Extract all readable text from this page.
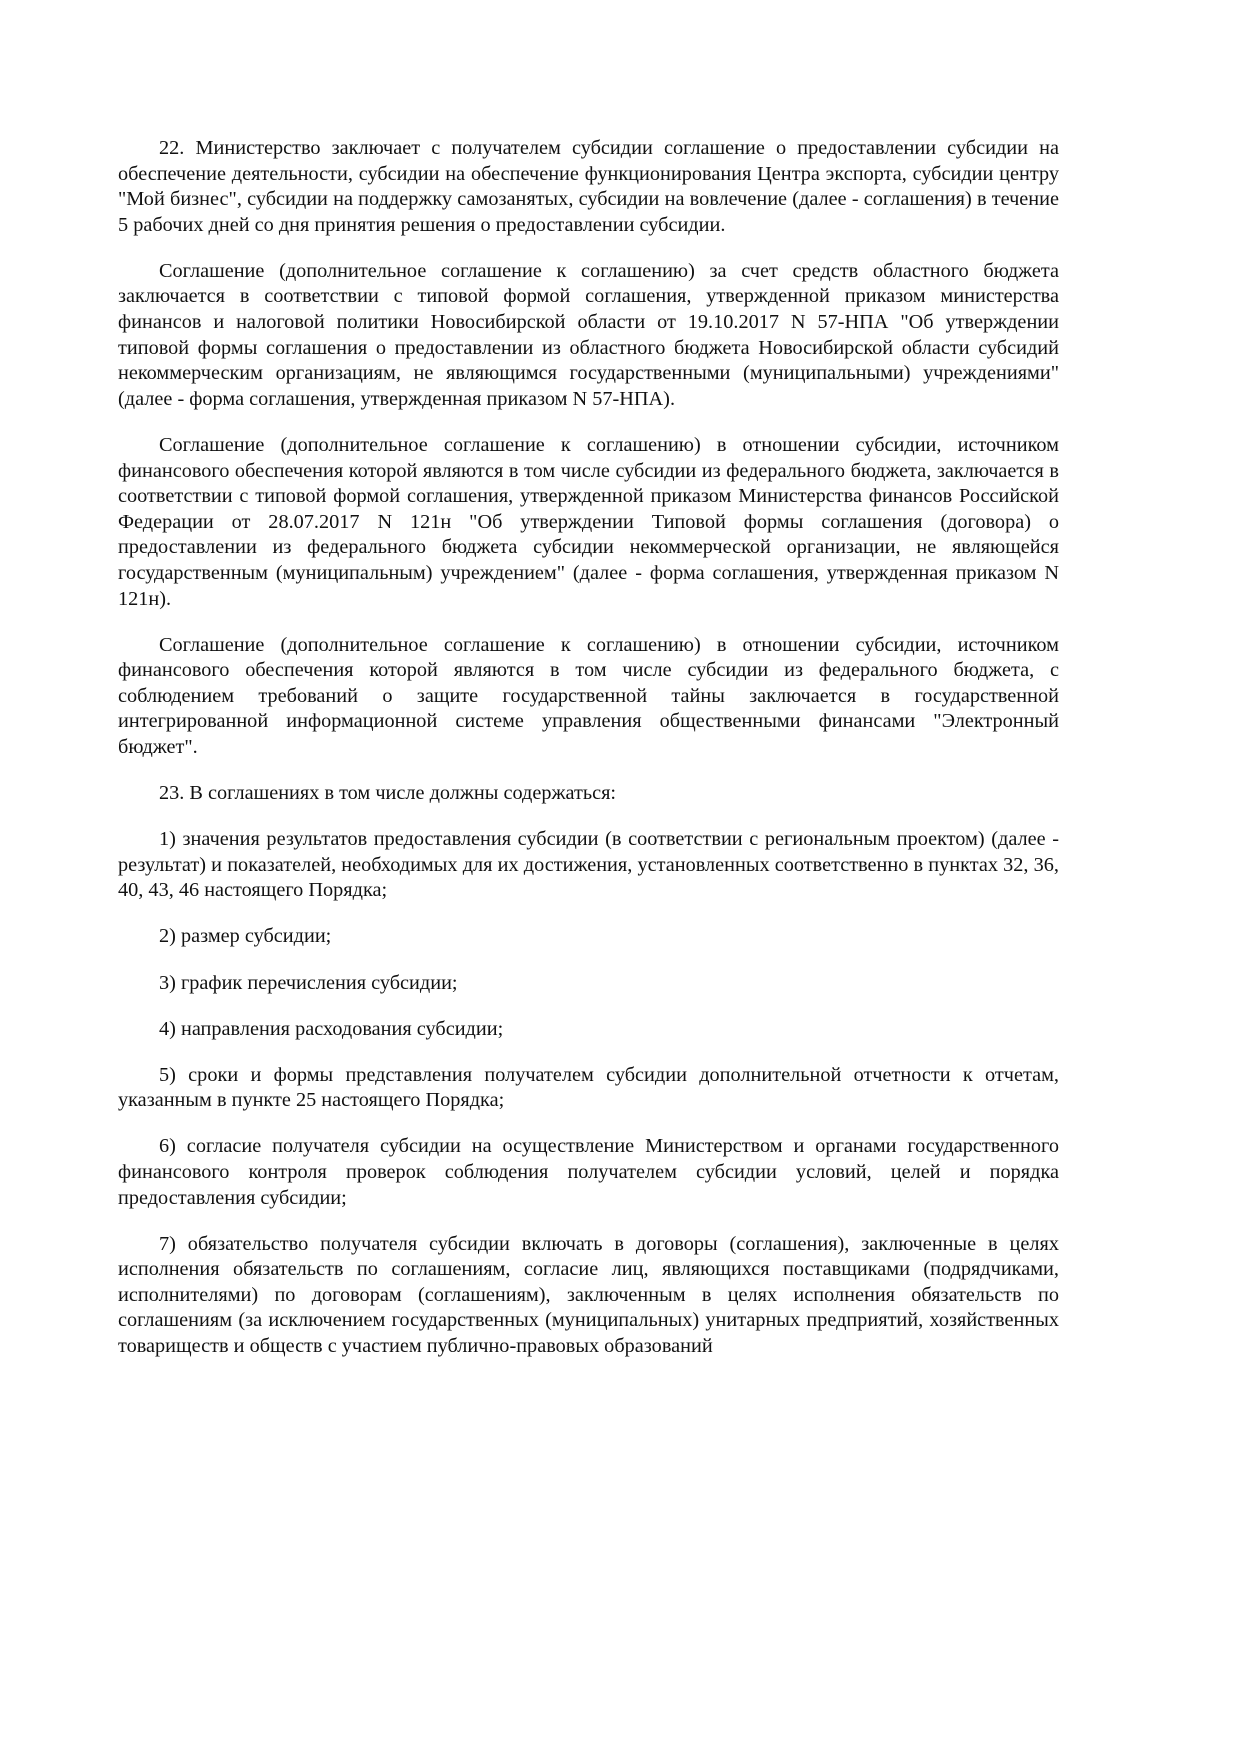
22. Министерство заключает с получателем субсидии соглашение о предоставлении субсидии на обеспечение деятельности, субсидии на обеспечение функционирования Центра экспорта, субсидии центру "Мой бизнес", субсидии на поддержку самозанятых, субсидии на вовлечение (далее - соглашения) в течение 5 рабочих дней со дня принятия решения о предоставлении субсидии.

Соглашение (дополнительное соглашение к соглашению) за счет средств областного бюджета заключается в соответствии с типовой формой соглашения, утвержденной приказом министерства финансов и налоговой политики Новосибирской области от 19.10.2017 N 57-НПА "Об утверждении типовой формы соглашения о предоставлении из областного бюджета Новосибирской области субсидий некоммерческим организациям, не являющимся государственными (муниципальными) учреждениями" (далее - форма соглашения, утвержденная приказом N 57-НПА).

Соглашение (дополнительное соглашение к соглашению) в отношении субсидии, источником финансового обеспечения которой являются в том числе субсидии из федерального бюджета, заключается в соответствии с типовой формой соглашения, утвержденной приказом Министерства финансов Российской Федерации от 28.07.2017 N 121н "Об утверждении Типовой формы соглашения (договора) о предоставлении из федерального бюджета субсидии некоммерческой организации, не являющейся государственным (муниципальным) учреждением" (далее - форма соглашения, утвержденная приказом N 121н).

Соглашение (дополнительное соглашение к соглашению) в отношении субсидии, источником финансового обеспечения которой являются в том числе субсидии из федерального бюджета, с соблюдением требований о защите государственной тайны заключается в государственной интегрированной информационной системе управления общественными финансами "Электронный бюджет".

23. В соглашениях в том числе должны содержаться:

1) значения результатов предоставления субсидии (в соответствии с региональным проектом) (далее - результат) и показателей, необходимых для их достижения, установленных соответственно в пунктах 32, 36, 40, 43, 46 настоящего Порядка;

2) размер субсидии;

3) график перечисления субсидии;

4) направления расходования субсидии;

5) сроки и формы представления получателем субсидии дополнительной отчетности к отчетам, указанным в пункте 25 настоящего Порядка;

6) согласие получателя субсидии на осуществление Министерством и органами государственного финансового контроля проверок соблюдения получателем субсидии условий, целей и порядка предоставления субсидии;

7) обязательство получателя субсидии включать в договоры (соглашения), заключенные в целях исполнения обязательств по соглашениям, согласие лиц, являющихся поставщиками (подрядчиками, исполнителями) по договорам (соглашениям), заключенным в целях исполнения обязательств по соглашениям (за исключением государственных (муниципальных) унитарных предприятий, хозяйственных товариществ и обществ с участием публично-правовых образований
